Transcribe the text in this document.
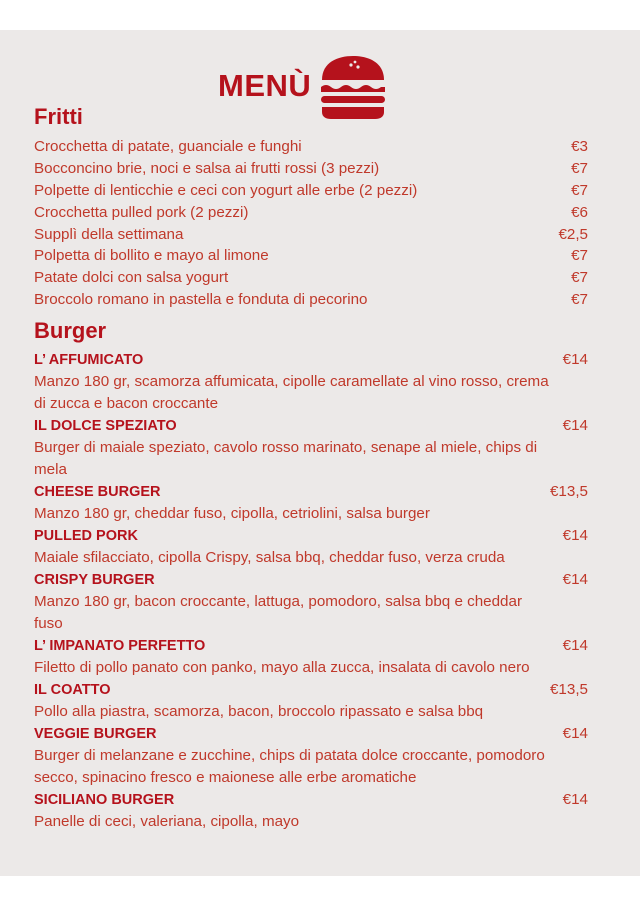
MENÙ
Fritti
Crocchetta di patate, guanciale e funghi	€3
Bocconcino brie, noci e salsa ai frutti rossi (3 pezzi)	€7
Polpette di lenticchie e ceci con yogurt alle erbe (2 pezzi)	€7
Crocchetta pulled pork (2 pezzi)	€6
Supplì della settimana	€2,5
Polpetta di bollito e mayo al limone	€7
Patate dolci con salsa yogurt	€7
Broccolo romano in pastella e fonduta di pecorino	€7
Burger
L’ AFFUMICATO	€14
Manzo 180 gr, scamorza affumicata, cipolle caramellate al vino rosso, crema di zucca e bacon croccante
IL DOLCE SPEZIATO	€14
Burger di maiale speziato, cavolo rosso marinato, senape al miele, chips di mela
CHEESE BURGER	€13,5
Manzo 180 gr, cheddar fuso, cipolla, cetriolini, salsa burger
PULLED PORK	€14
Maiale sfilacciato, cipolla Crispy, salsa bbq, cheddar fuso, verza cruda
CRISPY BURGER	€14
Manzo 180 gr, bacon croccante, lattuga, pomodoro, salsa bbq e cheddar fuso
L’ IMPANATO PERFETTO	€14
Filetto di pollo panato con panko, mayo alla zucca, insalata di cavolo nero
IL COATTO	€13,5
Pollo alla piastra, scamorza, bacon, broccolo ripassato e salsa bbq
VEGGIE BURGER	€14
Burger di melanzane e zucchine, chips di patata dolce croccante, pomodoro secco, spinacino fresco e maionese alle erbe aromatiche
SICILIANO BURGER	€14
Panelle di ceci, valeriana, cipolla, mayo
